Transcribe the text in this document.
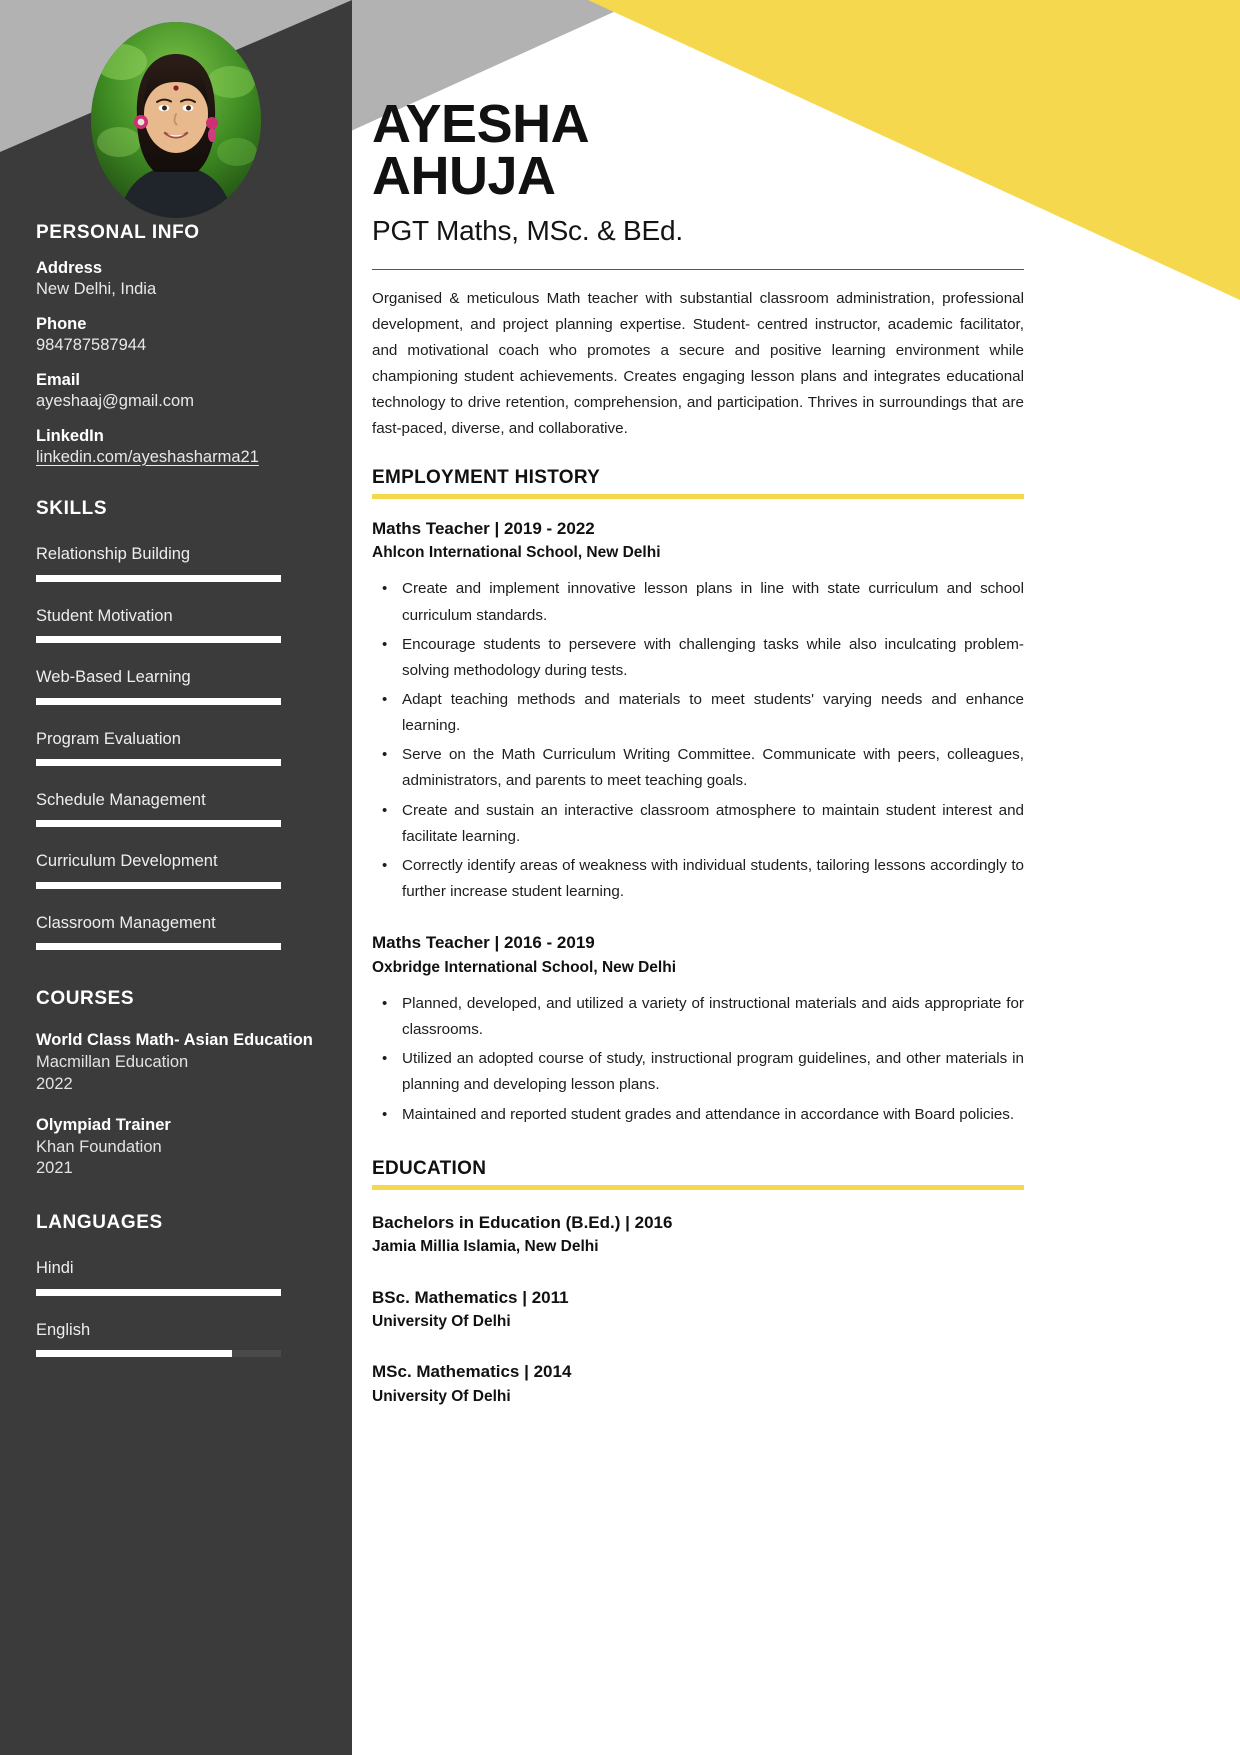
PERSONAL INFO
Address
New Delhi, India
Phone
984787587944
Email
ayeshaaj@gmail.com
LinkedIn
linkedin.com/ayeshasharma21
SKILLS
Relationship Building
Student Motivation
Web-Based Learning
Program Evaluation
Schedule Management
Curriculum Development
Classroom Management
COURSES
World Class Math- Asian Education
Macmillan Education
2022
Olympiad Trainer
Khan Foundation
2021
LANGUAGES
Hindi
English
AYESHA
AHUJA
PGT Maths, MSc. & BEd.
Organised & meticulous Math teacher with substantial classroom administration, professional development, and project planning expertise. Student- centred instructor, academic facilitator, and motivational coach who promotes a secure and positive learning environment while championing student achievements. Creates engaging lesson plans and integrates educational technology to drive retention, comprehension, and participation. Thrives in surroundings that are fast-paced, diverse, and collaborative.
EMPLOYMENT HISTORY
Maths Teacher | 2019 - 2022
Ahlcon International School, New Delhi
• Create and implement innovative lesson plans in line with state curriculum and school curriculum standards.
• Encourage students to persevere with challenging tasks while also inculcating problem-solving methodology during tests.
• Adapt teaching methods and materials to meet students' varying needs and enhance learning.
• Serve on the Math Curriculum Writing Committee. Communicate with peers, colleagues, administrators, and parents to meet teaching goals.
• Create and sustain an interactive classroom atmosphere to maintain student interest and facilitate learning.
• Correctly identify areas of weakness with individual students, tailoring lessons accordingly to further increase student learning.
Maths Teacher | 2016 - 2019
Oxbridge International School, New Delhi
• Planned, developed, and utilized a variety of instructional materials and aids appropriate for classrooms.
• Utilized an adopted course of study, instructional program guidelines, and other materials in planning and developing lesson plans.
• Maintained and reported student grades and attendance in accordance with Board policies.
EDUCATION
Bachelors in Education (B.Ed.) | 2016
Jamia Millia Islamia, New Delhi
BSc. Mathematics | 2011
University Of Delhi
MSc. Mathematics | 2014
University Of Delhi
